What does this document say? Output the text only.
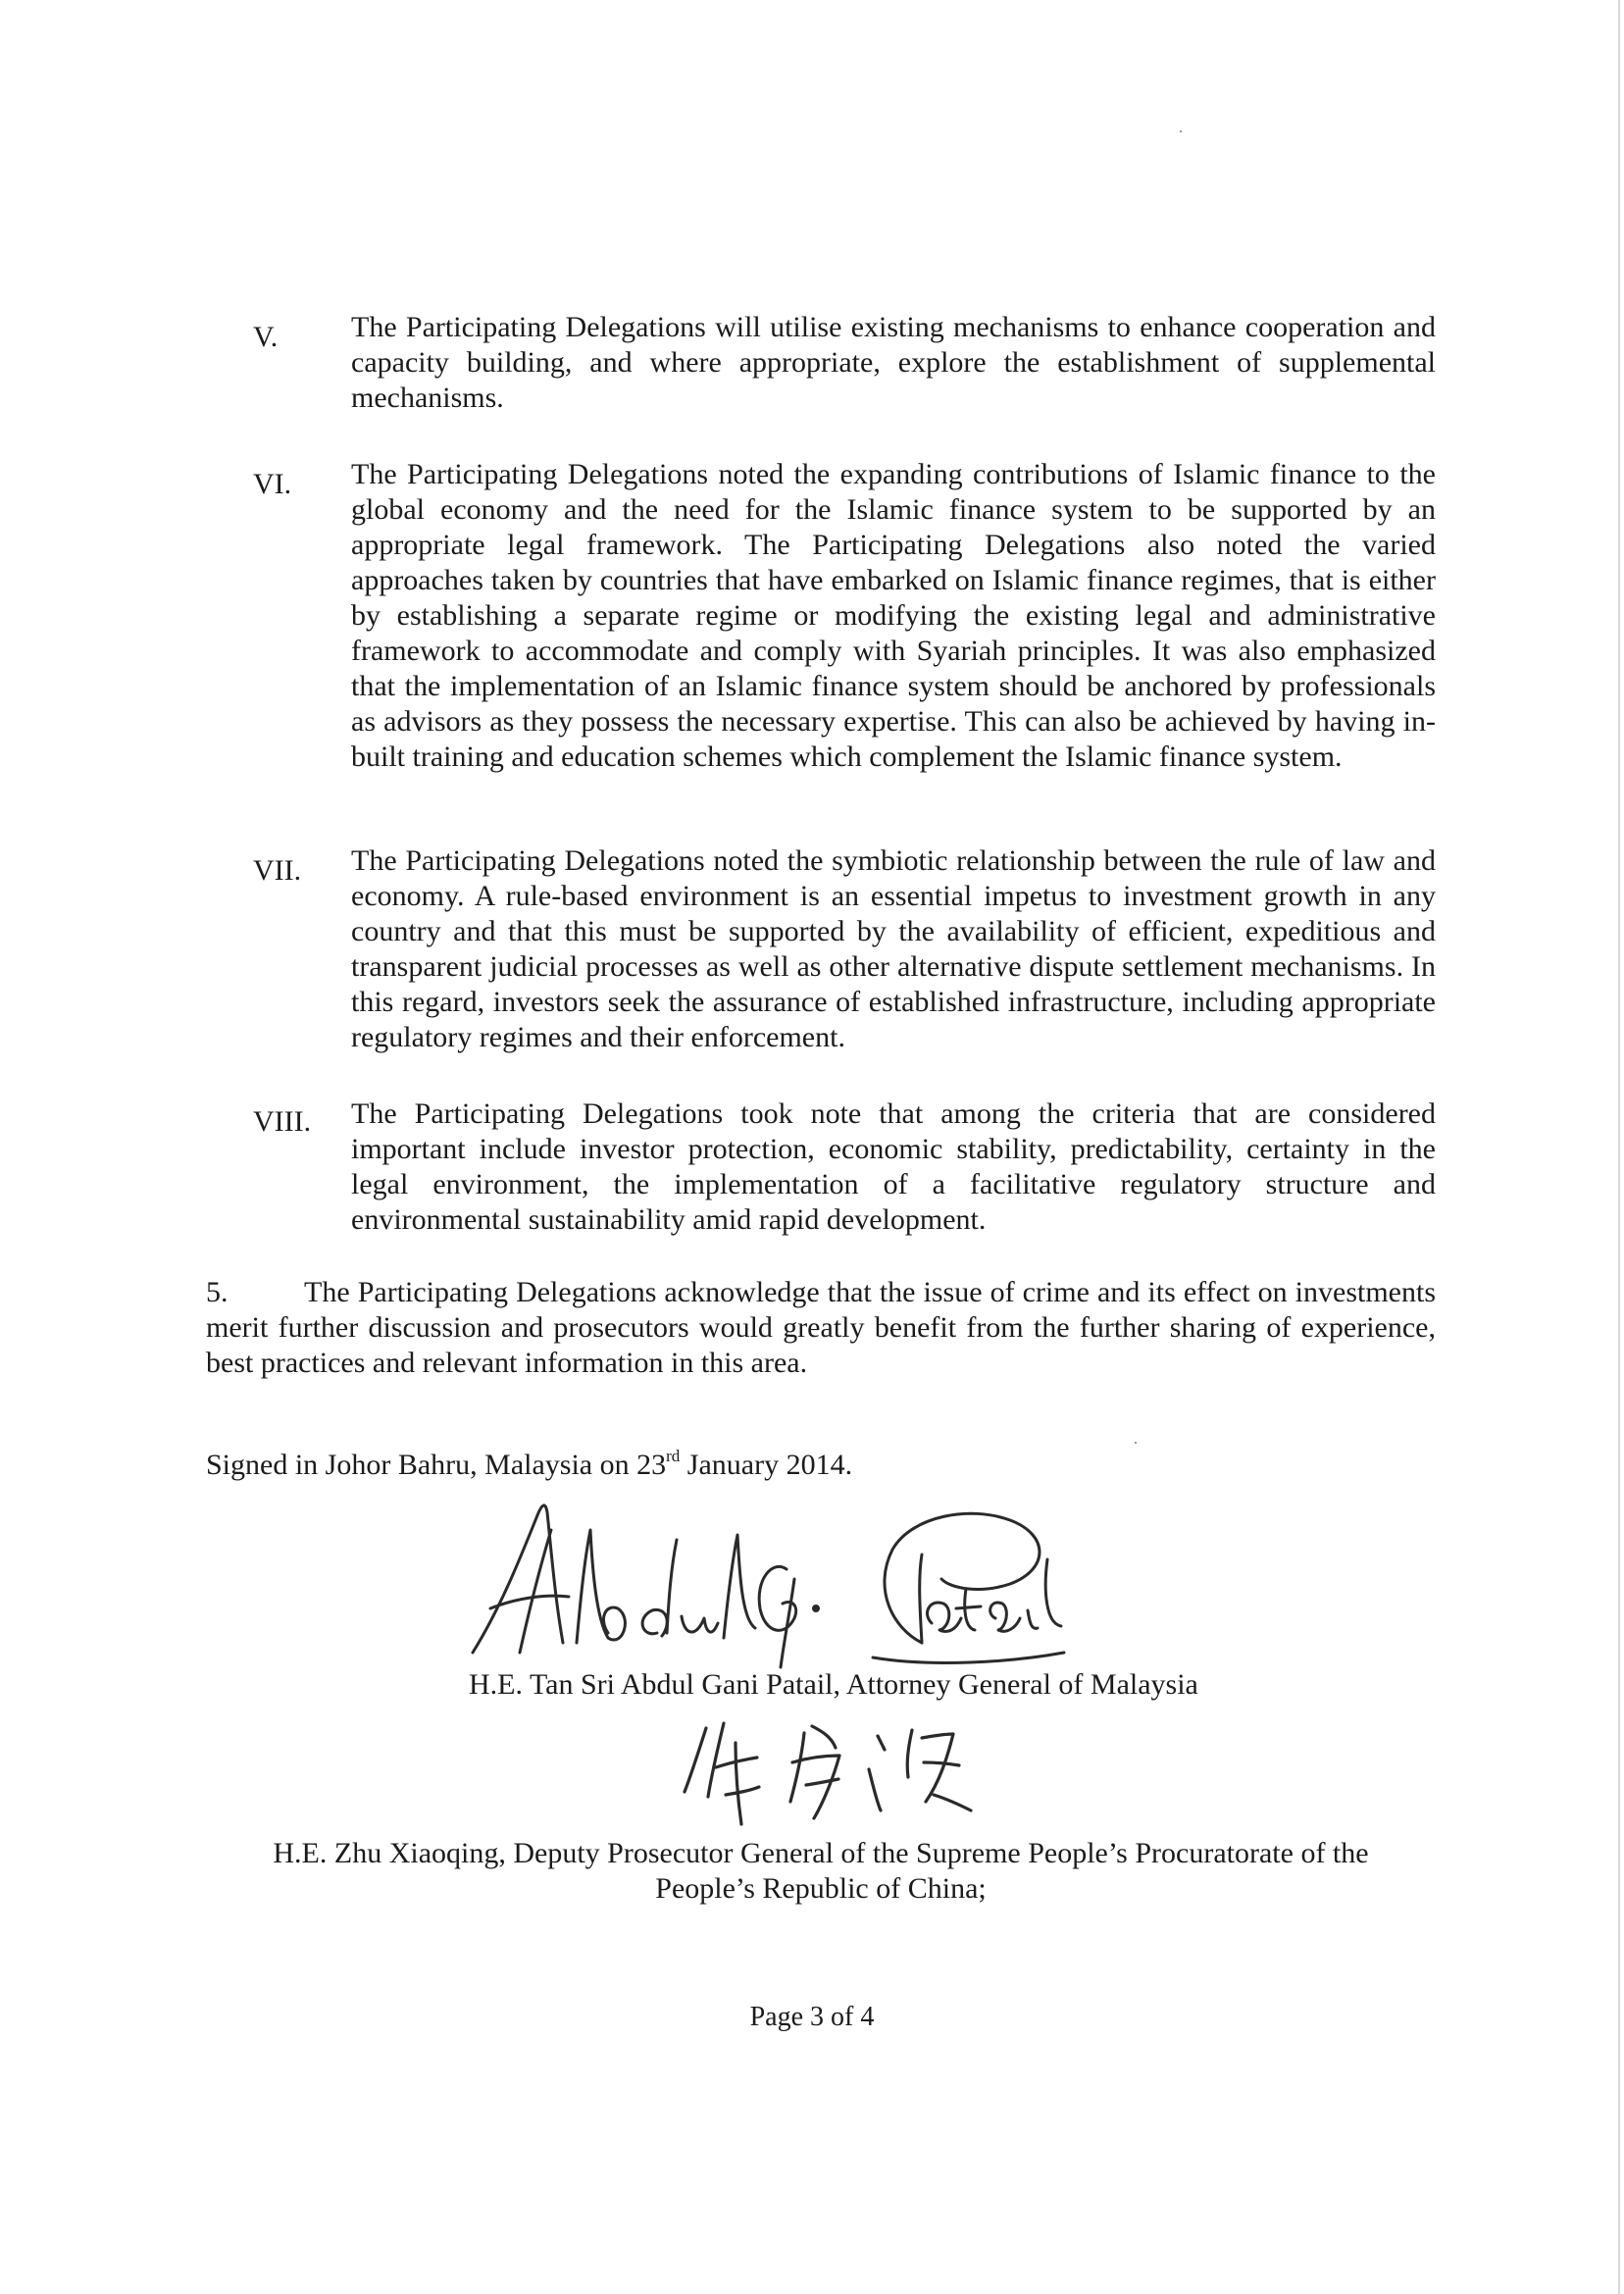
V. The Participating Delegations will utilise existing mechanisms to enhance cooperation and capacity building, and where appropriate, explore the establishment of supplemental mechanisms.
VI. The Participating Delegations noted the expanding contributions of Islamic finance to the global economy and the need for the Islamic finance system to be supported by an appropriate legal framework. The Participating Delegations also noted the varied approaches taken by countries that have embarked on Islamic finance regimes, that is either by establishing a separate regime or modifying the existing legal and administrative framework to accommodate and comply with Syariah principles. It was also emphasized that the implementation of an Islamic finance system should be anchored by professionals as advisors as they possess the necessary expertise. This can also be achieved by having in-built training and education schemes which complement the Islamic finance system.
VII. The Participating Delegations noted the symbiotic relationship between the rule of law and economy. A rule-based environment is an essential impetus to investment growth in any country and that this must be supported by the availability of efficient, expeditious and transparent judicial processes as well as other alternative dispute settlement mechanisms. In this regard, investors seek the assurance of established infrastructure, including appropriate regulatory regimes and their enforcement.
VIII. The Participating Delegations took note that among the criteria that are considered important include investor protection, economic stability, predictability, certainty in the legal environment, the implementation of a facilitative regulatory structure and environmental sustainability amid rapid development.
5.	The Participating Delegations acknowledge that the issue of crime and its effect on investments merit further discussion and prosecutors would greatly benefit from the further sharing of experience, best practices and relevant information in this area.
Signed in Johor Bahru, Malaysia on 23rd January 2014.
H.E. Tan Sri Abdul Gani Patail, Attorney General of Malaysia
H.E. Zhu Xiaoqing, Deputy Prosecutor General of the Supreme People’s Procuratorate of the
People’s Republic of China;
Page 3 of 4
